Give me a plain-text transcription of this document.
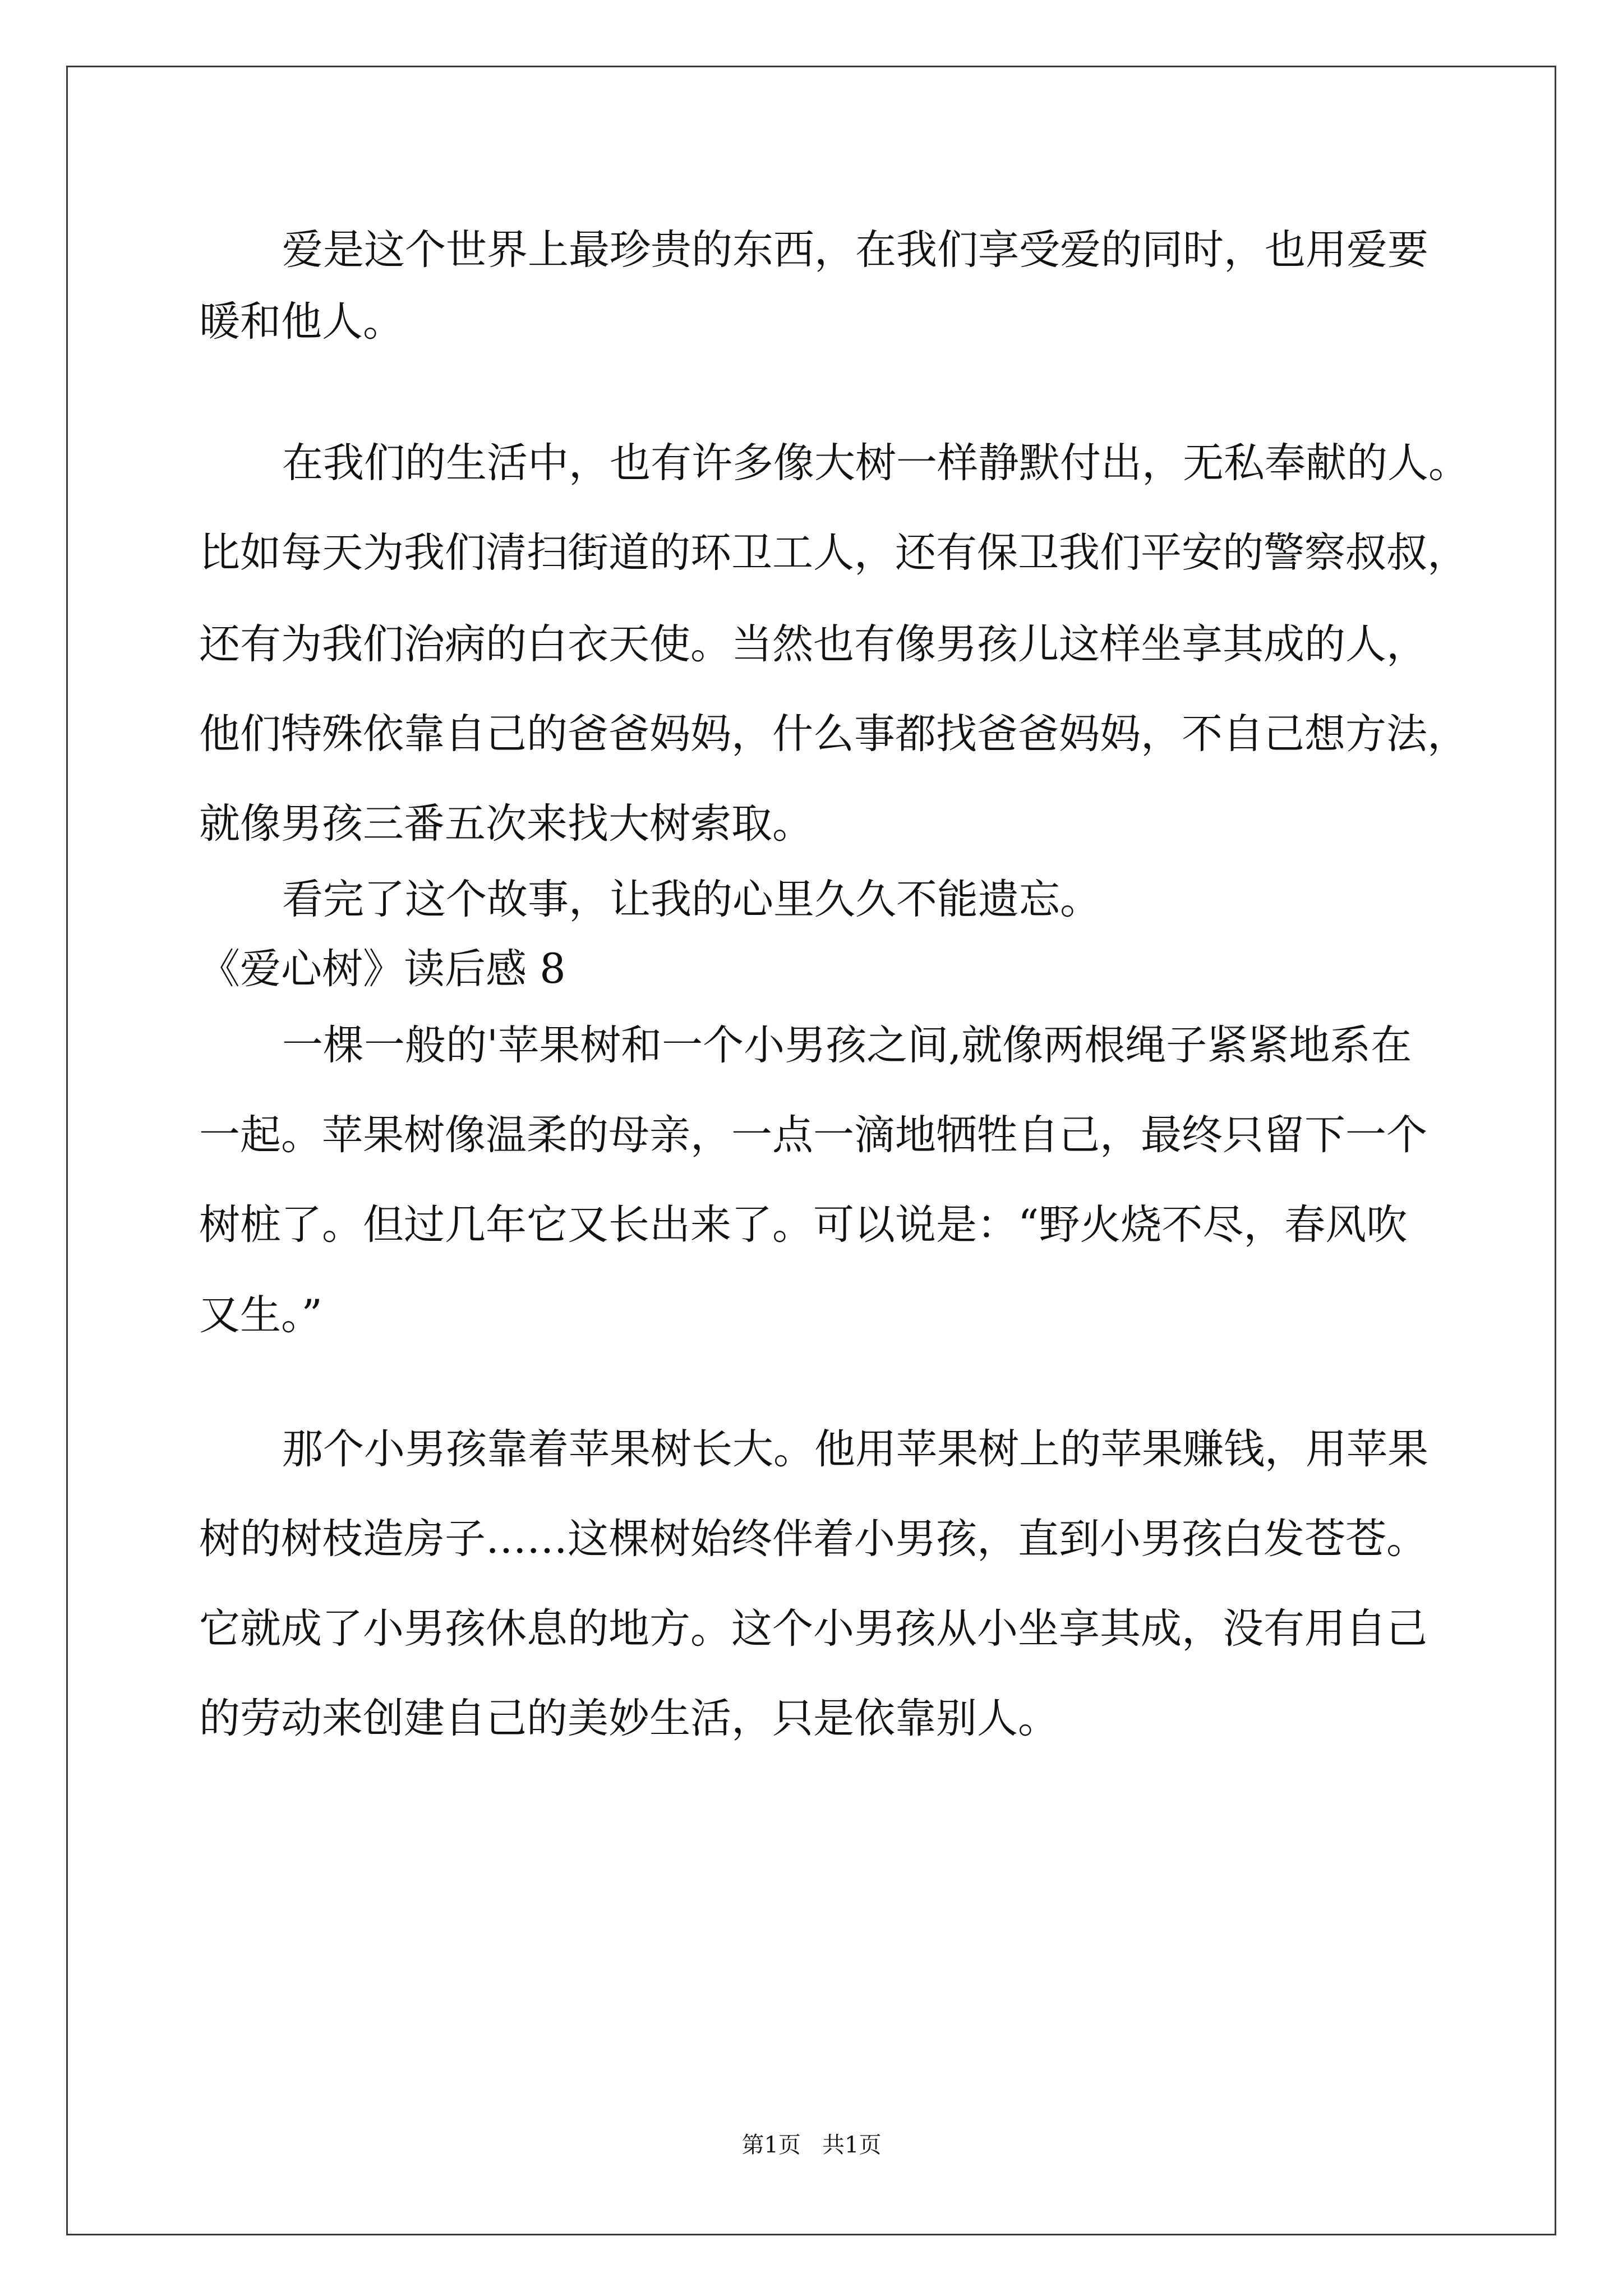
爱是这个世界上最珍贵的东西，在我们享受爱的同时，也用爱要
暖和他人。
在我们的生活中，也有许多像大树一样静默付出，无私奉献的人。
比如每天为我们清扫街道的环卫工人，还有保卫我们平安的警察叔叔，
还有为我们治病的白衣天使。当然也有像男孩儿这样坐享其成的人，
他们特殊依靠自己的爸爸妈妈，什么事都找爸爸妈妈，不自己想方法，
就像男孩三番五次来找大树索取。
看完了这个故事，让我的心里久久不能遗忘。
《爱心树》读后感 8
一棵一般的'苹果树和一个小男孩之间,就像两根绳子紧紧地系在
一起。苹果树像温柔的母亲，一点一滴地牺牲自己，最终只留下一个
树桩了。但过几年它又长出来了。可以说是：“野火烧不尽，春风吹
又生。”
那个小男孩靠着苹果树长大。他用苹果树上的苹果赚钱，用苹果
树的树枝造房子……这棵树始终伴着小男孩，直到小男孩白发苍苍。
它就成了小男孩休息的地方。这个小男孩从小坐享其成，没有用自己
的劳动来创建自己的美妙生活，只是依靠别人。
第1页   共1页
